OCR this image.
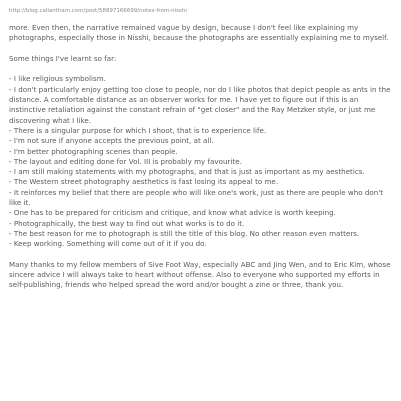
http://blog.callantham.com/post/58897166699/notes-from-nisshi

more. Even then, the narrative remained vague by design, because I don't feel like explaining my photographs, especially those in Nisshi, because the photographs are essentially explaining me to myself.

Some things I've learnt so far:

- I like religious symbolism.
- I don't particularly enjoy getting too close to people, nor do I like photos that depict people as ants in the distance. A comfortable distance as an observer works for me. I have yet to figure out if this is an instinctive retaliation against the constant refrain of "get closer" and the Ray Metzker style, or just me discovering what I like.
- There is a singular purpose for which I shoot, that is to experience life.
- I'm not sure if anyone accepts the previous point, at all.
- I'm better photographing scenes than people.
- The layout and editing done for Vol. III is probably my favourite.
- I am still making statements with my photographs, and that is just as important as my aesthetics.
- The Western street photography aesthetics is fast losing its appeal to me.
- It reinforces my belief that there are people who will like one's work, just as there are people who don't like it.
- One has to be prepared for criticism and critique, and know what advice is worth keeping.
- Photographically, the best way to find out what works is to do it.
- The best reason for me to photograph is still the title of this blog. No other reason even matters.
- Keep working. Something will come out of it if you do.

Many thanks to my fellow members of Sive Foot Way, especially ABC and Jing Wen, and to Eric Kim, whose sincere advice I will always take to heart without offense. Also to everyone who supported my efforts in self-publishing, friends who helped spread the word and/or bought a zine or three, thank you.
